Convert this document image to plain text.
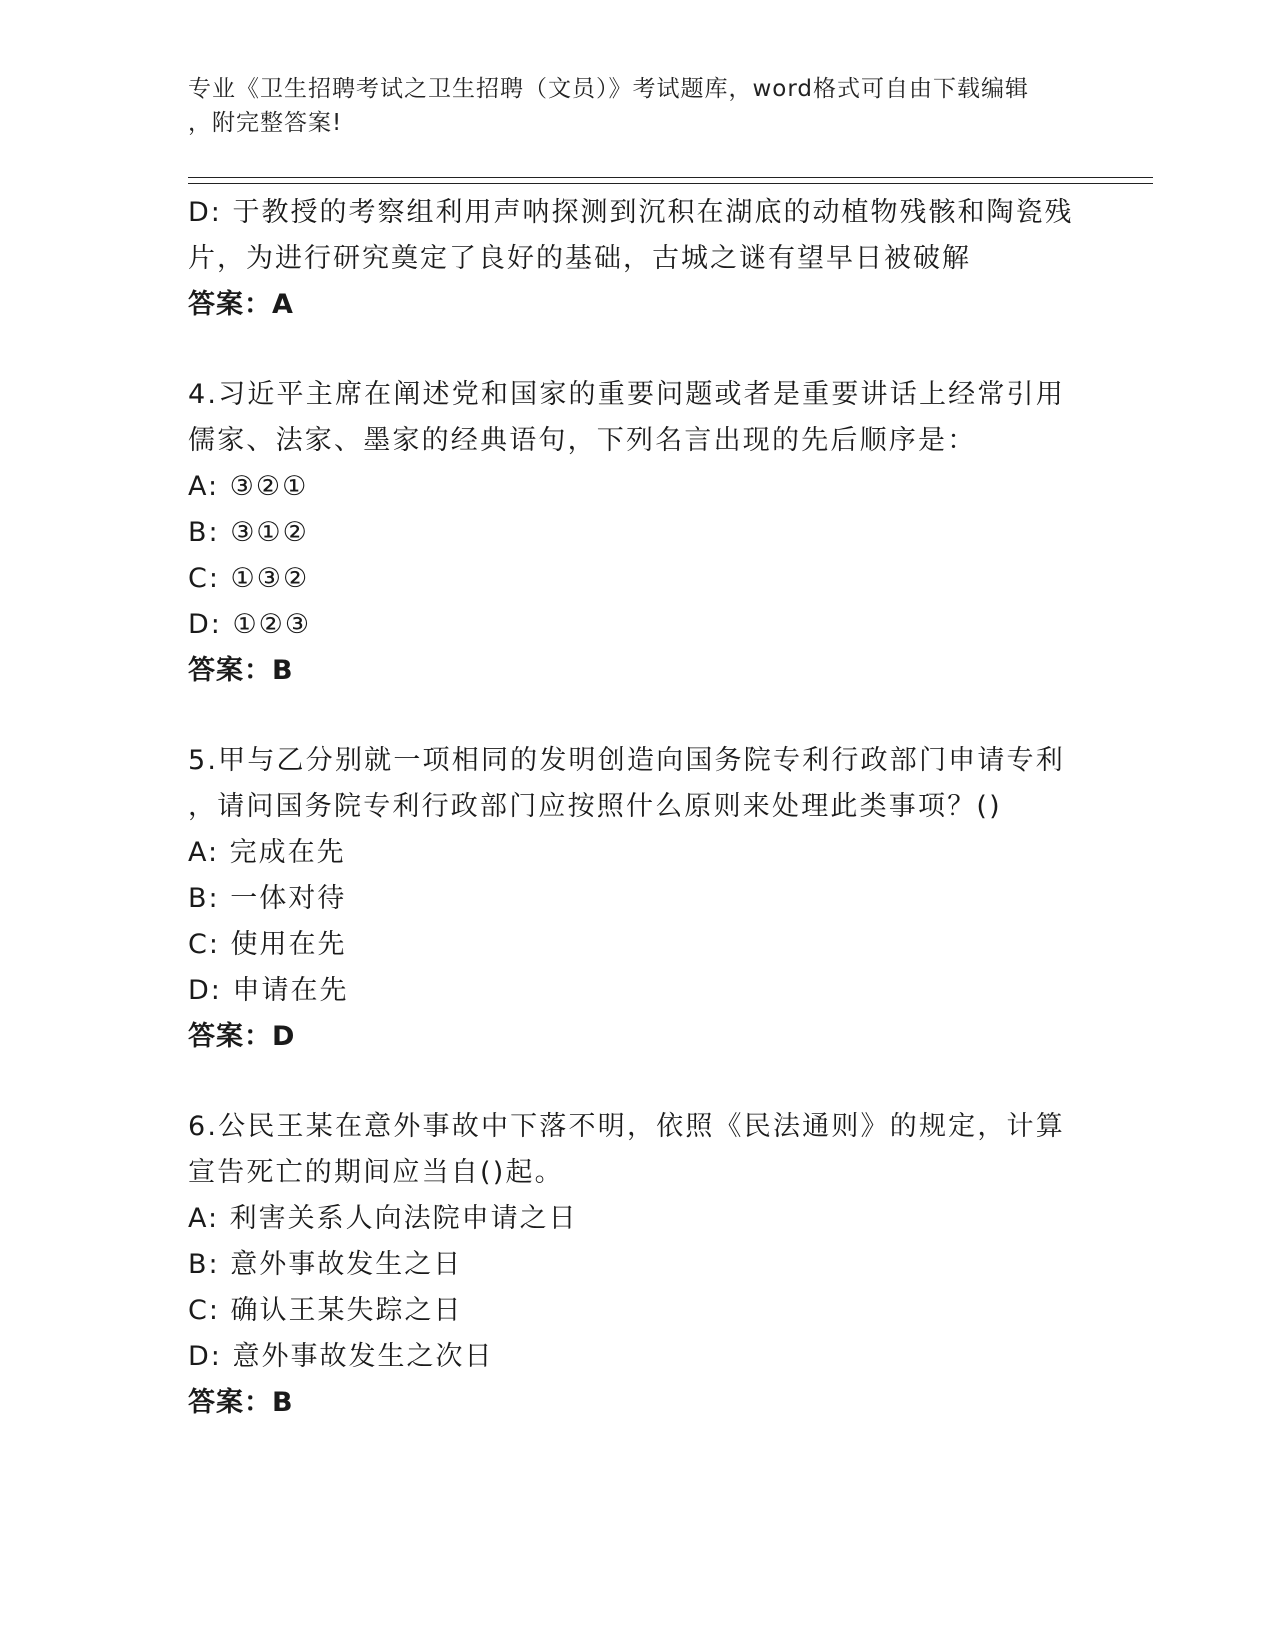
专业《卫生招聘考试之卫生招聘（文员）》考试题库，word格式可自由下载编辑
，附完整答案!
D: 于教授的考察组利用声呐探测到沉积在湖底的动植物残骸和陶瓷残
片，为进行研究奠定了良好的基础，古城之谜有望早日被破解
答案：A
4.习近平主席在阐述党和国家的重要问题或者是重要讲话上经常引用
儒家、法家、墨家的经典语句，下列名言出现的先后顺序是：
A: ③②①
B: ③①②
C: ①③②
D: ①②③
答案：B
5.甲与乙分别就一项相同的发明创造向国务院专利行政部门申请专利
，请问国务院专利行政部门应按照什么原则来处理此类事项？()
A: 完成在先
B: 一体对待
C: 使用在先
D: 申请在先
答案：D
6.公民王某在意外事故中下落不明，依照《民法通则》的规定，计算
宣告死亡的期间应当自()起。
A: 利害关系人向法院申请之日
B: 意外事故发生之日
C: 确认王某失踪之日
D: 意外事故发生之次日
答案：B
